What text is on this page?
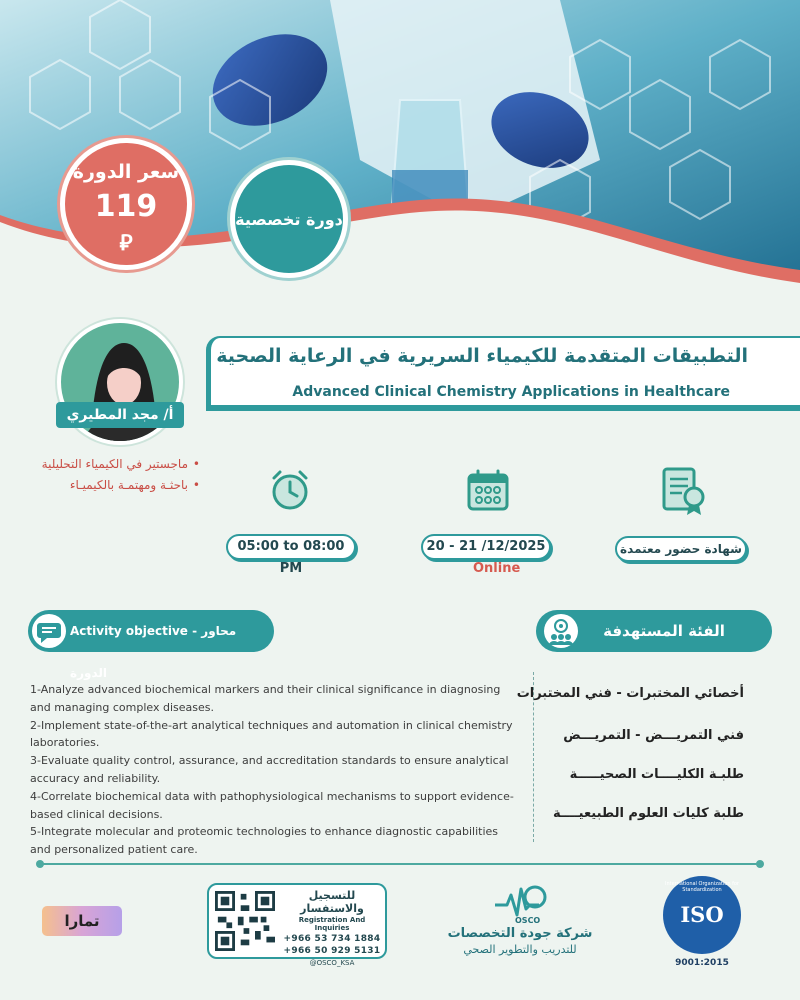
سعر الدورة
119
⃁
دورة تخصصية
أ/ مجد المطيري
• ماجستير في الكيمياء التحليلية
• باحثـة ومهتمـة بالكيميـاء
التطبيقات المتقدمة للكيمياء السريرية في الرعاية الصحية
Advanced Clinical Chemistry Applications in Healthcare
05:00 to 08:00 PM
20 - 21 /12/2025
Online
شهادة حضور معتمدة
Activity objective - محاور الدورة
الفئة المستهدفة

1-Analyze advanced biochemical markers and their clinical significance in diagnosing
and managing complex diseases.

2-Implement state-of-the-art analytical techniques and automation in clinical chemistry laboratories.

3-Evaluate quality control, assurance, and accreditation standards to ensure analytical
accuracy and reliability.

4-Correlate biochemical data with pathophysiological mechanisms to support evidence-
based clinical decisions.

5-Integrate molecular and proteomic technologies to enhance diagnostic capabilities
and personalized patient care.

أخصائي المختبرات - فني المختبرات
فني التمريـــض - التمريـــض
طلبـة الكليــــات الصحيـــــة
طلبة كليات العلوم الطبيعيــــة
تمارا
للتسجيل والاستفسار
Registration And Inquiries
+966 53 734 1884
+966 50 929 5131
@OSCO_KSA
OSCO
شركة جودة التخصصات
للتدريب والتطوير الصحي
International Organization for Standardization
ISO
9001:2015
